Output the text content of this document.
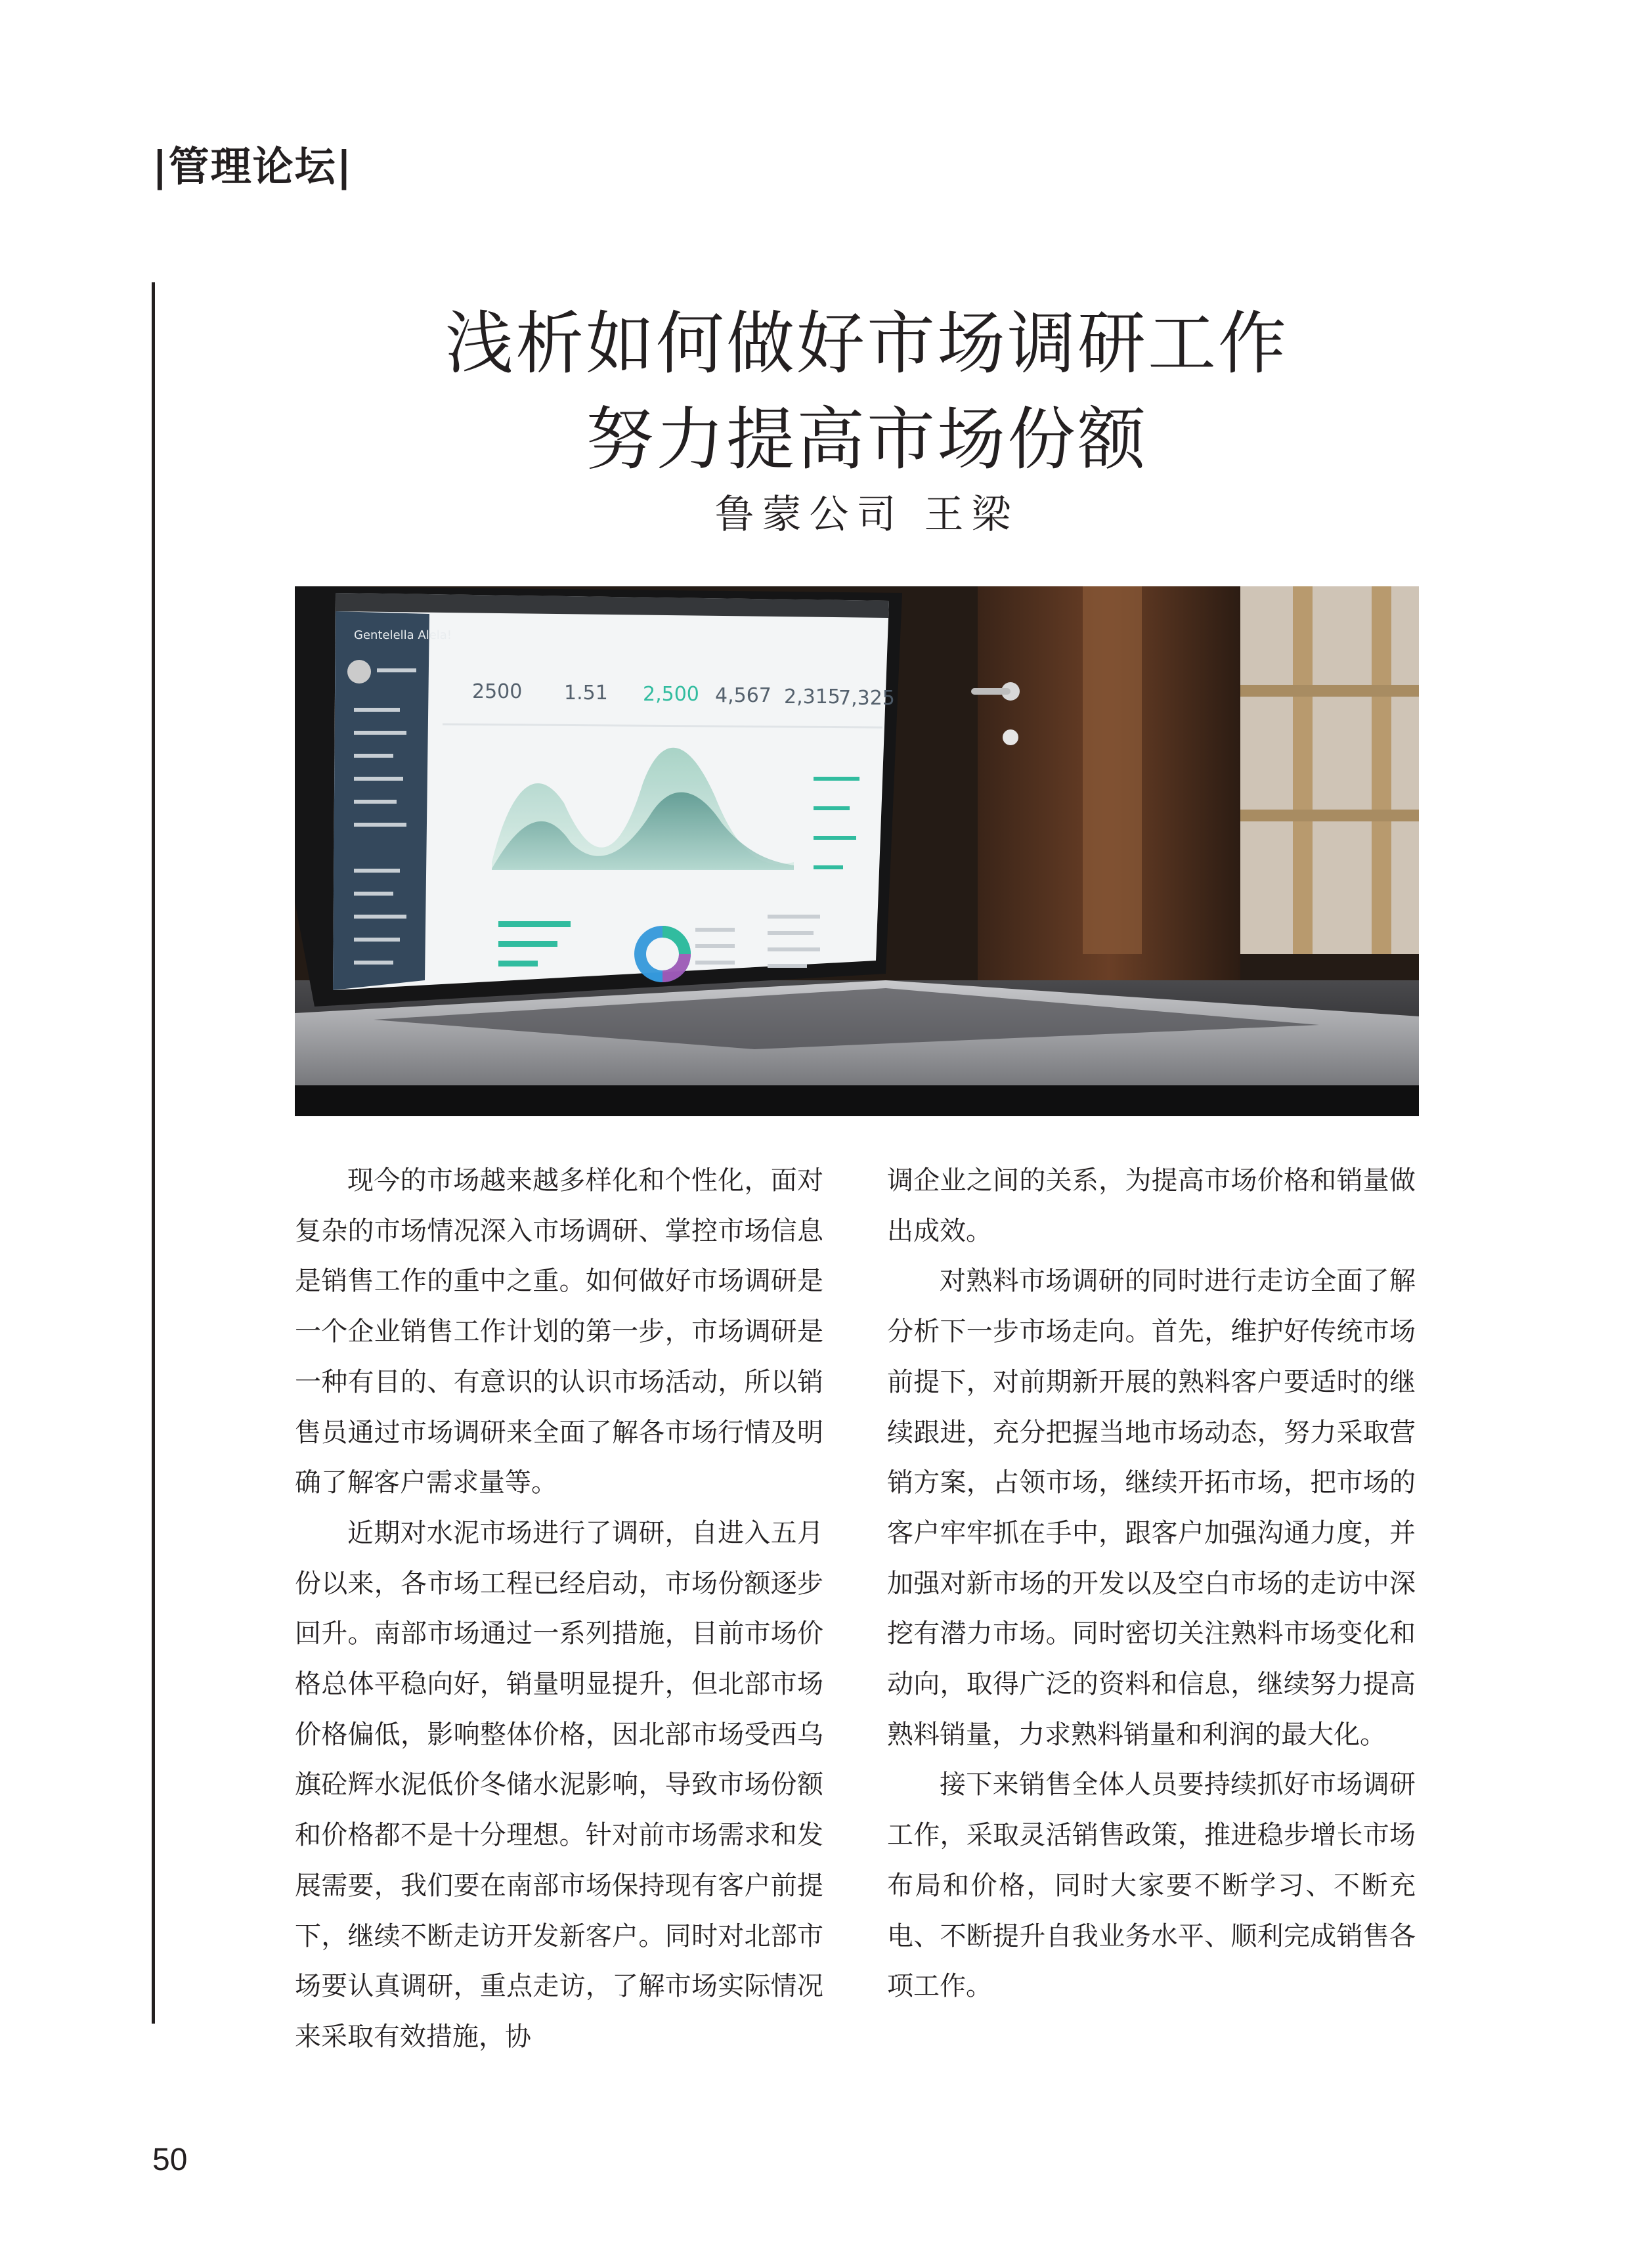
|管理论坛|
浅析如何做好市场调研工作
努力提高市场份额
鲁蒙公司 王梁
Gentelella Alela!
2500 1.51 2,500 4,567 2,315
7,325

现今的市场越来越多样化和个性化，面对复杂的市场情况深入市场调研、掌控市场信息是销售工作的重中之重。如何做好市场调研是一个企业销售工作计划的第一步，市场调研是一种有目的、有意识的认识市场活动，所以销售员通过市场调研来全面了解各市场行情及明确了解客户需求量等。

近期对水泥市场进行了调研，自进入五月份以来，各市场工程已经启动，市场份额逐步回升。南部市场通过一系列措施，目前市场价格总体平稳向好，销量明显提升，但北部市场价格偏低，影响整体价格，因北部市场受西乌旗砼辉水泥低价冬储水泥影响，导致市场份额和价格都不是十分理想。针对前市场需求和发展需要，我们要在南部市场保持现有客户前提下，继续不断走访开发新客户。同时对北部市场要认真调研，重点走访，了解市场实际情况来采取有效措施，协

调企业之间的关系，为提高市场价格和销量做出成效。

对熟料市场调研的同时进行走访全面了解分析下一步市场走向。首先，维护好传统市场前提下，对前期新开展的熟料客户要适时的继续跟进，充分把握当地市场动态，努力采取营销方案，占领市场，继续开拓市场，把市场的客户牢牢抓在手中，跟客户加强沟通力度，并加强对新市场的开发以及空白市场的走访中深挖有潜力市场。同时密切关注熟料市场变化和动向，取得广泛的资料和信息，继续努力提高熟料销量，力求熟料销量和利润的最大化。

接下来销售全体人员要持续抓好市场调研工作，采取灵活销售政策，推进稳步增长市场布局和价格，同时大家要不断学习、不断充电、不断提升自我业务水平、顺利完成销售各项工作。

50
